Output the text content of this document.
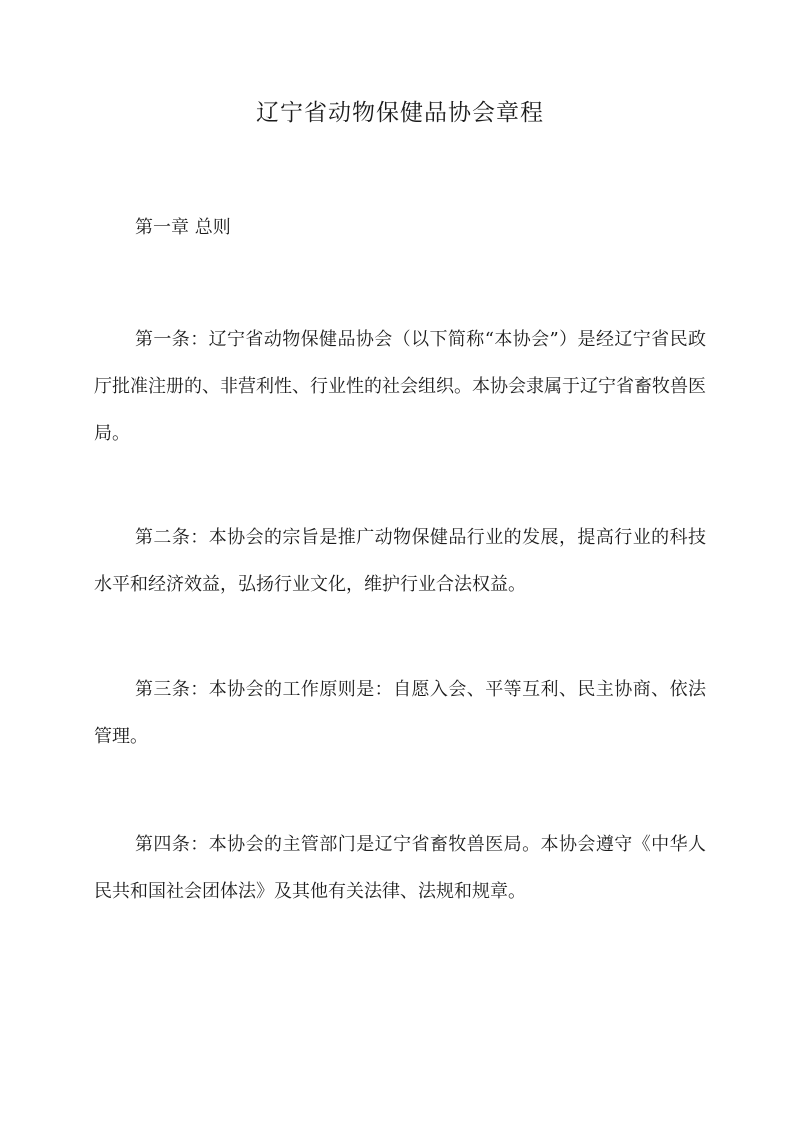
辽宁省动物保健品协会章程
第一章 总则

第一条：辽宁省动物保健品协会（以下简称“本协会”）是经辽宁省民政厅批准注册的、非营利性、行业性的社会组织。本协会隶属于辽宁省畜牧兽医局。

第二条：本协会的宗旨是推广动物保健品行业的发展，提高行业的科技水平和经济效益，弘扬行业文化，维护行业合法权益。

第三条：本协会的工作原则是：自愿入会、平等互利、民主协商、依法管理。

第四条：本协会的主管部门是辽宁省畜牧兽医局。本协会遵守《中华人民共和国社会团体法》及其他有关法律、法规和规章。
